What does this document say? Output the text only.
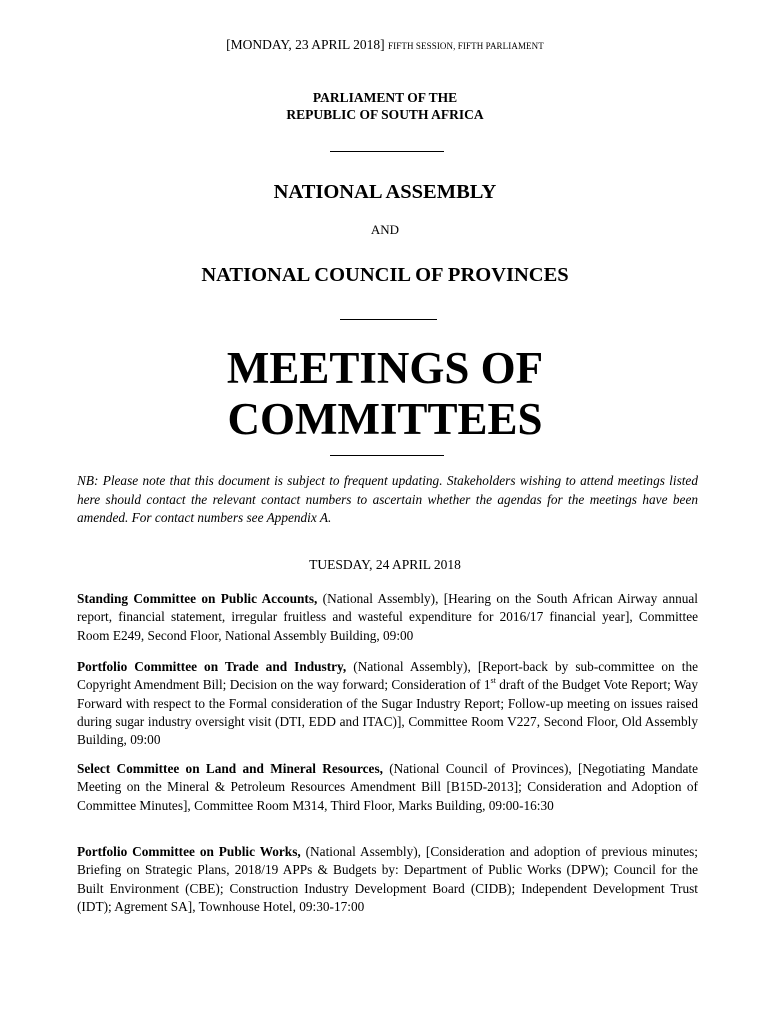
[MONDAY, 23 APRIL 2018] FIFTH SESSION, FIFTH PARLIAMENT
PARLIAMENT OF THE
REPUBLIC OF SOUTH AFRICA
NATIONAL ASSEMBLY
AND
NATIONAL COUNCIL OF PROVINCES
MEETINGS OF
COMMITTEES
NB: Please note that this document is subject to frequent updating. Stakeholders wishing to attend meetings listed here should contact the relevant contact numbers to ascertain whether the agendas for the meetings have been amended. For contact numbers see Appendix A.
TUESDAY, 24 APRIL 2018
Standing Committee on Public Accounts, (National Assembly), [Hearing on the South African Airway annual report, financial statement, irregular fruitless and wasteful expenditure for 2016/17 financial year], Committee Room E249, Second Floor, National Assembly Building, 09:00
Portfolio Committee on Trade and Industry, (National Assembly), [Report-back by sub-committee on the Copyright Amendment Bill; Decision on the way forward; Consideration of 1st draft of the Budget Vote Report; Way Forward with respect to the Formal consideration of the Sugar Industry Report; Follow-up meeting on issues raised during sugar industry oversight visit (DTI, EDD and ITAC)], Committee Room V227, Second Floor, Old Assembly Building, 09:00
Select Committee on Land and Mineral Resources, (National Council of Provinces), [Negotiating Mandate Meeting on the Mineral & Petroleum Resources Amendment Bill [B15D-2013]; Consideration and Adoption of Committee Minutes], Committee Room M314, Third Floor, Marks Building, 09:00-16:30
Portfolio Committee on Public Works, (National Assembly), [Consideration and adoption of previous minutes; Briefing on Strategic Plans, 2018/19 APPs & Budgets by: Department of Public Works (DPW); Council for the Built Environment (CBE); Construction Industry Development Board (CIDB); Independent Development Trust (IDT); Agrement SA], Townhouse Hotel, 09:30-17:00
